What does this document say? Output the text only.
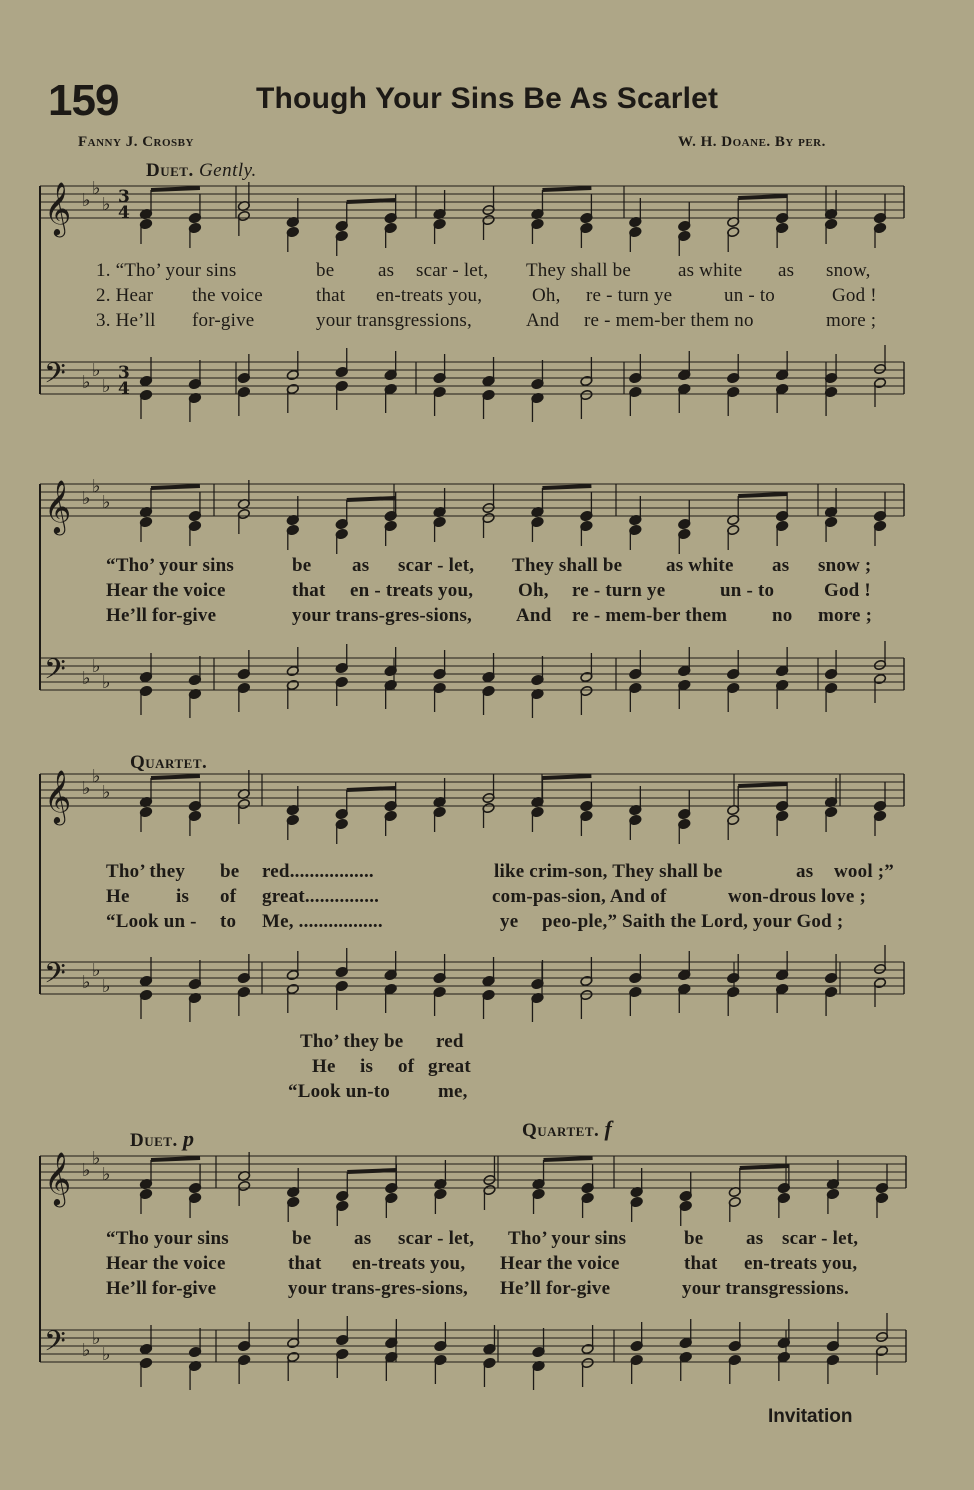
159	Though Your Sins Be As Scarlet
Fanny J. Crosby	W. H. Doane. By per.
Duet. Gently.
Quartet.
Duet. p	Quartet. f
𝄞
𝄢
♭
♭
♭
♭
♭
♭
3
4
3
4
𝄞
𝄢
♭
♭
♭
♭
♭
♭
𝄞
𝄢
♭
♭
♭
♭
♭
♭
𝄞
𝄢
♭
♭
♭
♭
♭
♭
1. “Tho’ your sins	be as scar - let, They shall be as white as snow,
2. Hear the voice	that en-treats you,	Oh, re - turn ye	un - to	God !
3. He’ll for-give	your transgressions,	And re - mem-ber them no	more ;
“Tho’ your sins	be as scar - let, They shall be as white as snow ;
Hear the voice	that en - treats you, Oh, re - turn ye	un - to	God !
He’ll for-give	your trans-gres-sions, And re - mem-ber them no more ;
Tho’ they be red.................	like crim-son, They shall be	as wool ;”
He is of great...............	com-pas-sion, And of	won-drous love ;
“Look un - to Me, .................	ye peo-ple,” Saith the Lord, your God ;
Tho’ they be red
He is of great
“Look un-to	me,
“Tho your sins	be as scar - let, Tho’ your sins	be as scar - let,
Hear the voice	that en-treats you, Hear the voice	that en-treats you,
He’ll for-give	your trans-gres-sions, He’ll for-give	your transgressions.
Invitation
